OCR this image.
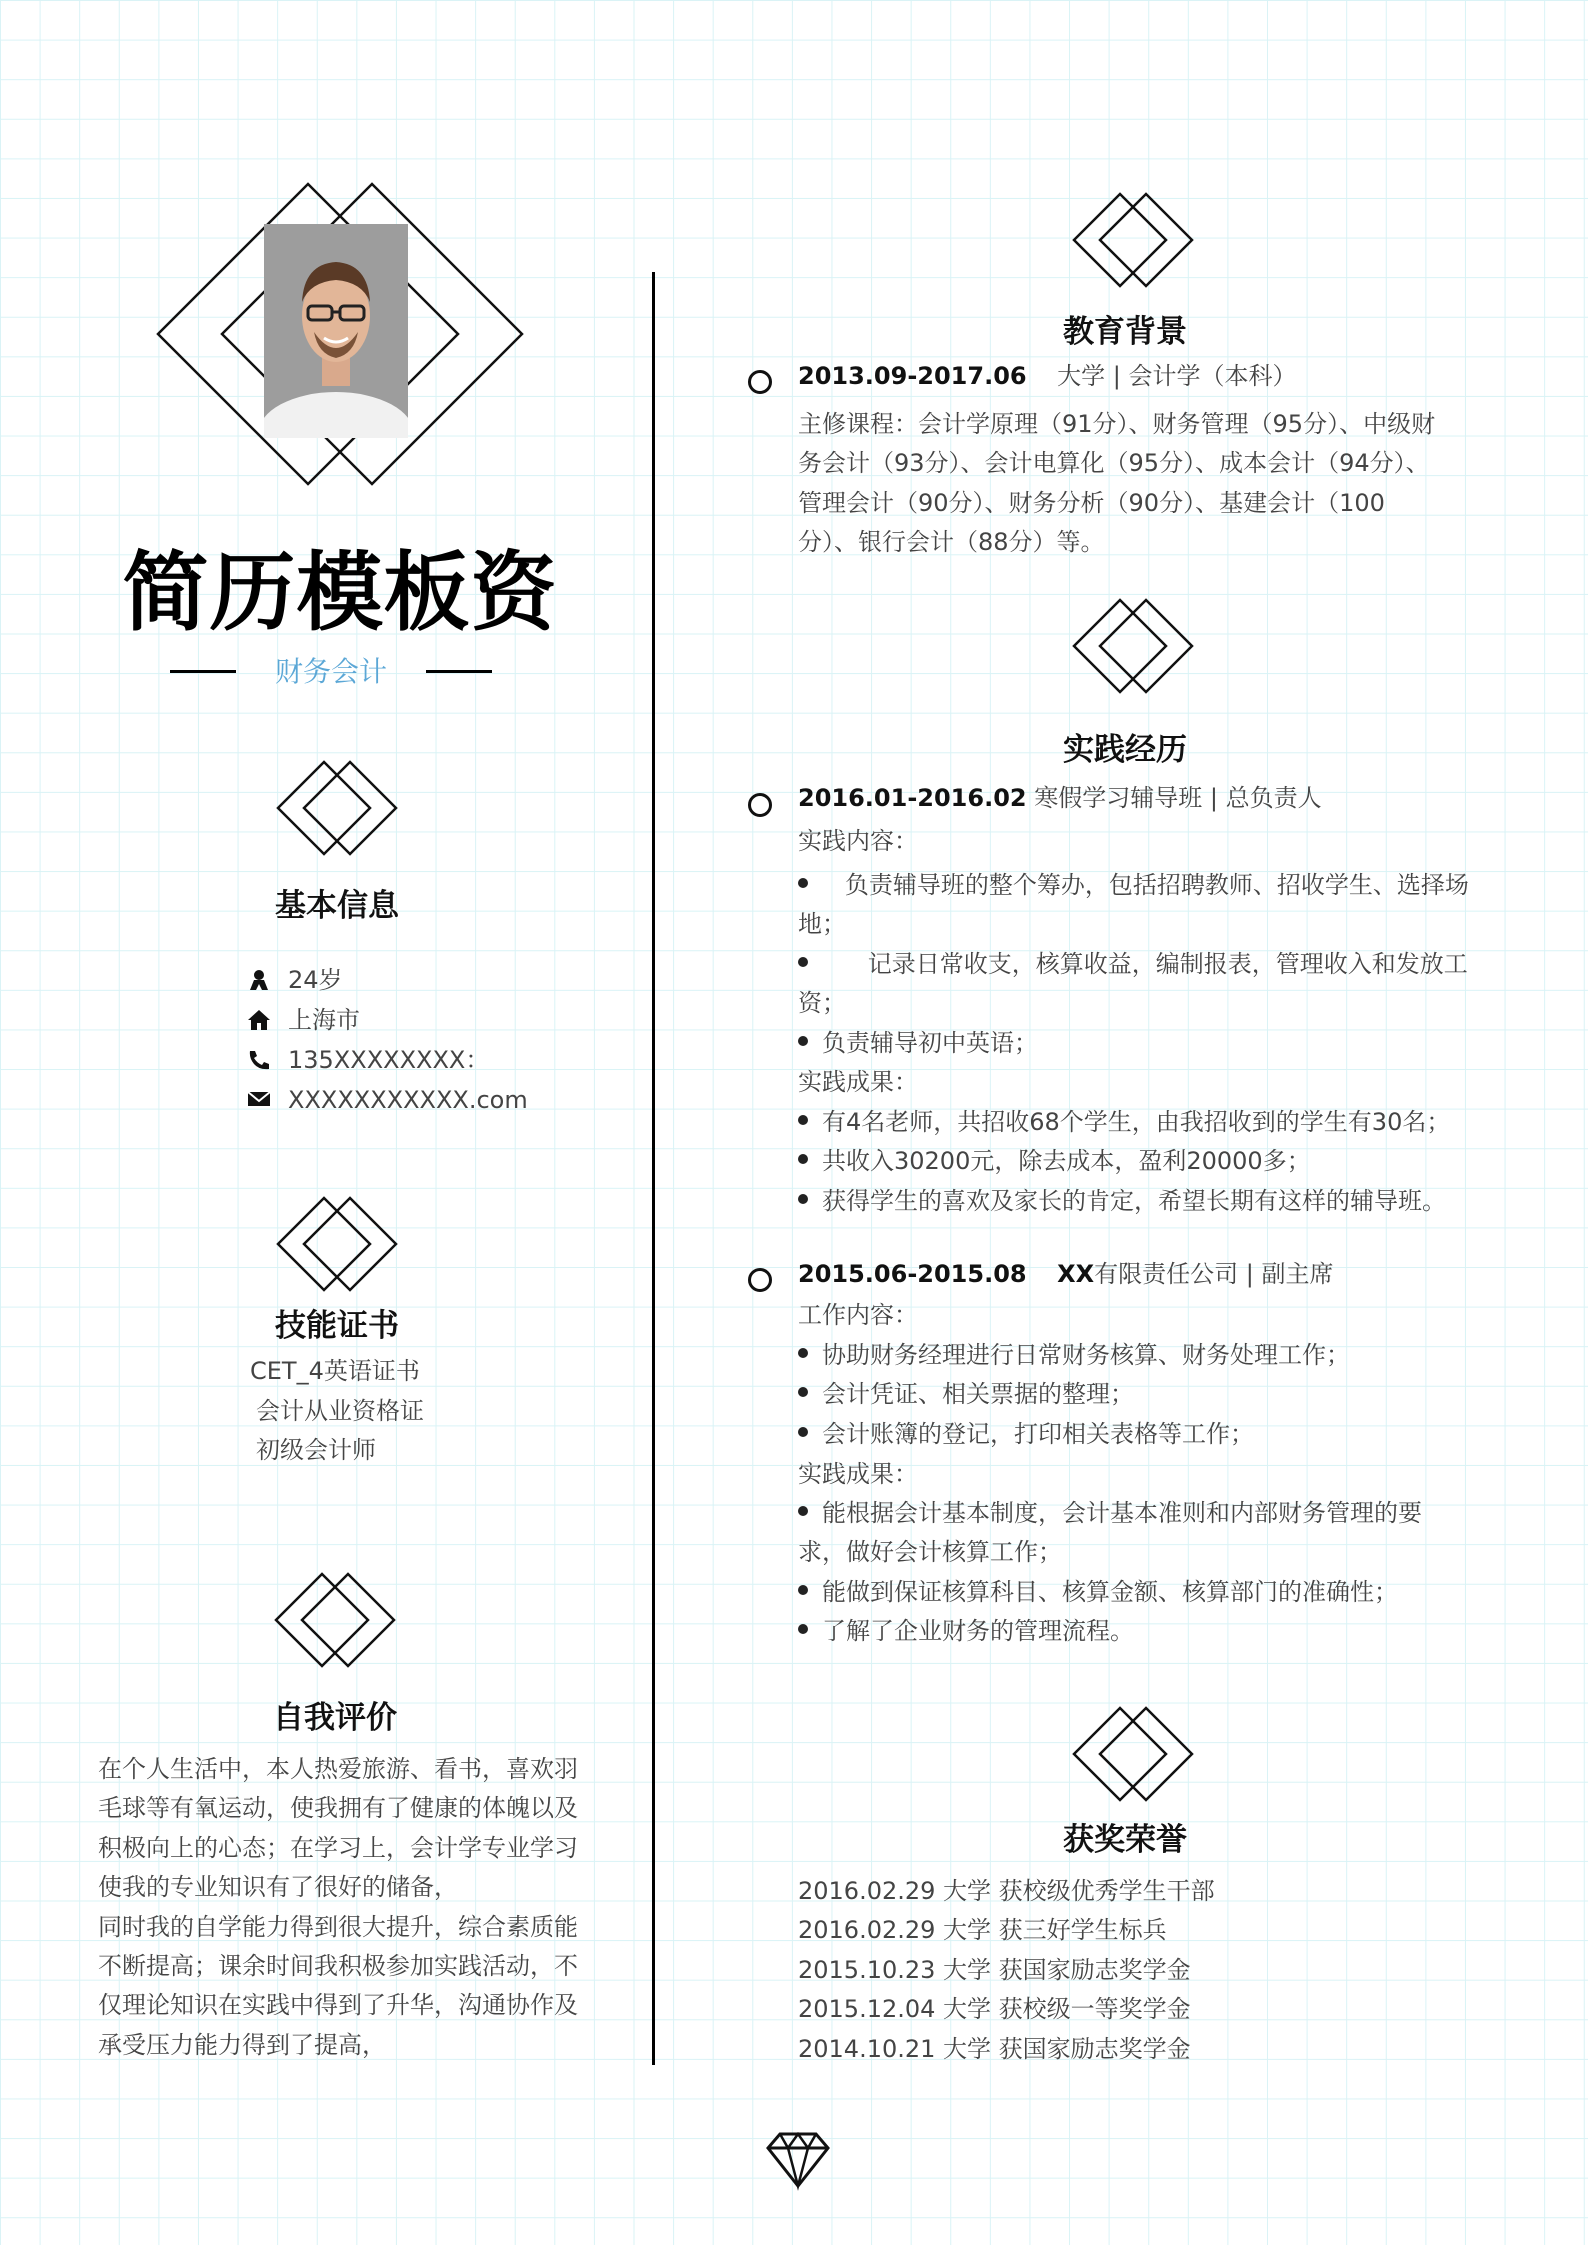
简历模板资
财务会计
基本信息
24岁
上海市
135XXXXXXXX：
XXXXXXXXXXX.com
技能证书
CET_4英语证书
会计从业资格证
初级会计师
自我评价
在个人生活中，本人热爱旅游、看书，喜欢羽
毛球等有氧运动，使我拥有了健康的体魄以及
积极向上的心态；在学习上，会计学专业学习
使我的专业知识有了很好的储备，
同时我的自学能力得到很大提升，综合素质能
不断提高；课余时间我积极参加实践活动，不
仅理论知识在实践中得到了升华，沟通协作及
承受压力能力得到了提高，
教育背景
2013.09-2017.06 大学 | 会计学（本科）
主修课程：会计学原理（91分）、财务管理（95分）、中级财
务会计（93分）、会计电算化（95分）、成本会计（94分）、
管理会计（90分）、财务分析（90分）、基建会计（100
分）、银行会计（88分）等。
实践经历
2016.01-2016.02 寒假学习辅导班 | 总负责人
实践内容：
负责辅导班的整个筹办，包括招聘教师、招收学生、选择场
地；
记录日常收支，核算收益，编制报表，管理收入和发放工
资；
负责辅导初中英语；
实践成果：
有4名老师，共招收68个学生，由我招收到的学生有30名；
共收入30200元，除去成本，盈利20000多；
获得学生的喜欢及家长的肯定，希望长期有这样的辅导班。
2015.06-2015.08 XX有限责任公司 | 副主席
工作内容：
协助财务经理进行日常财务核算、财务处理工作；
会计凭证、相关票据的整理；
会计账簿的登记，打印相关表格等工作；
实践成果：
能根据会计基本制度，会计基本准则和内部财务管理的要
求，做好会计核算工作；
能做到保证核算科目、核算金额、核算部门的准确性；
了解了企业财务的管理流程。
获奖荣誉
2016.02.29 大学 获校级优秀学生干部
2016.02.29 大学 获三好学生标兵
2015.10.23 大学 获国家励志奖学金
2015.12.04 大学 获校级一等奖学金
2014.10.21 大学 获国家励志奖学金
